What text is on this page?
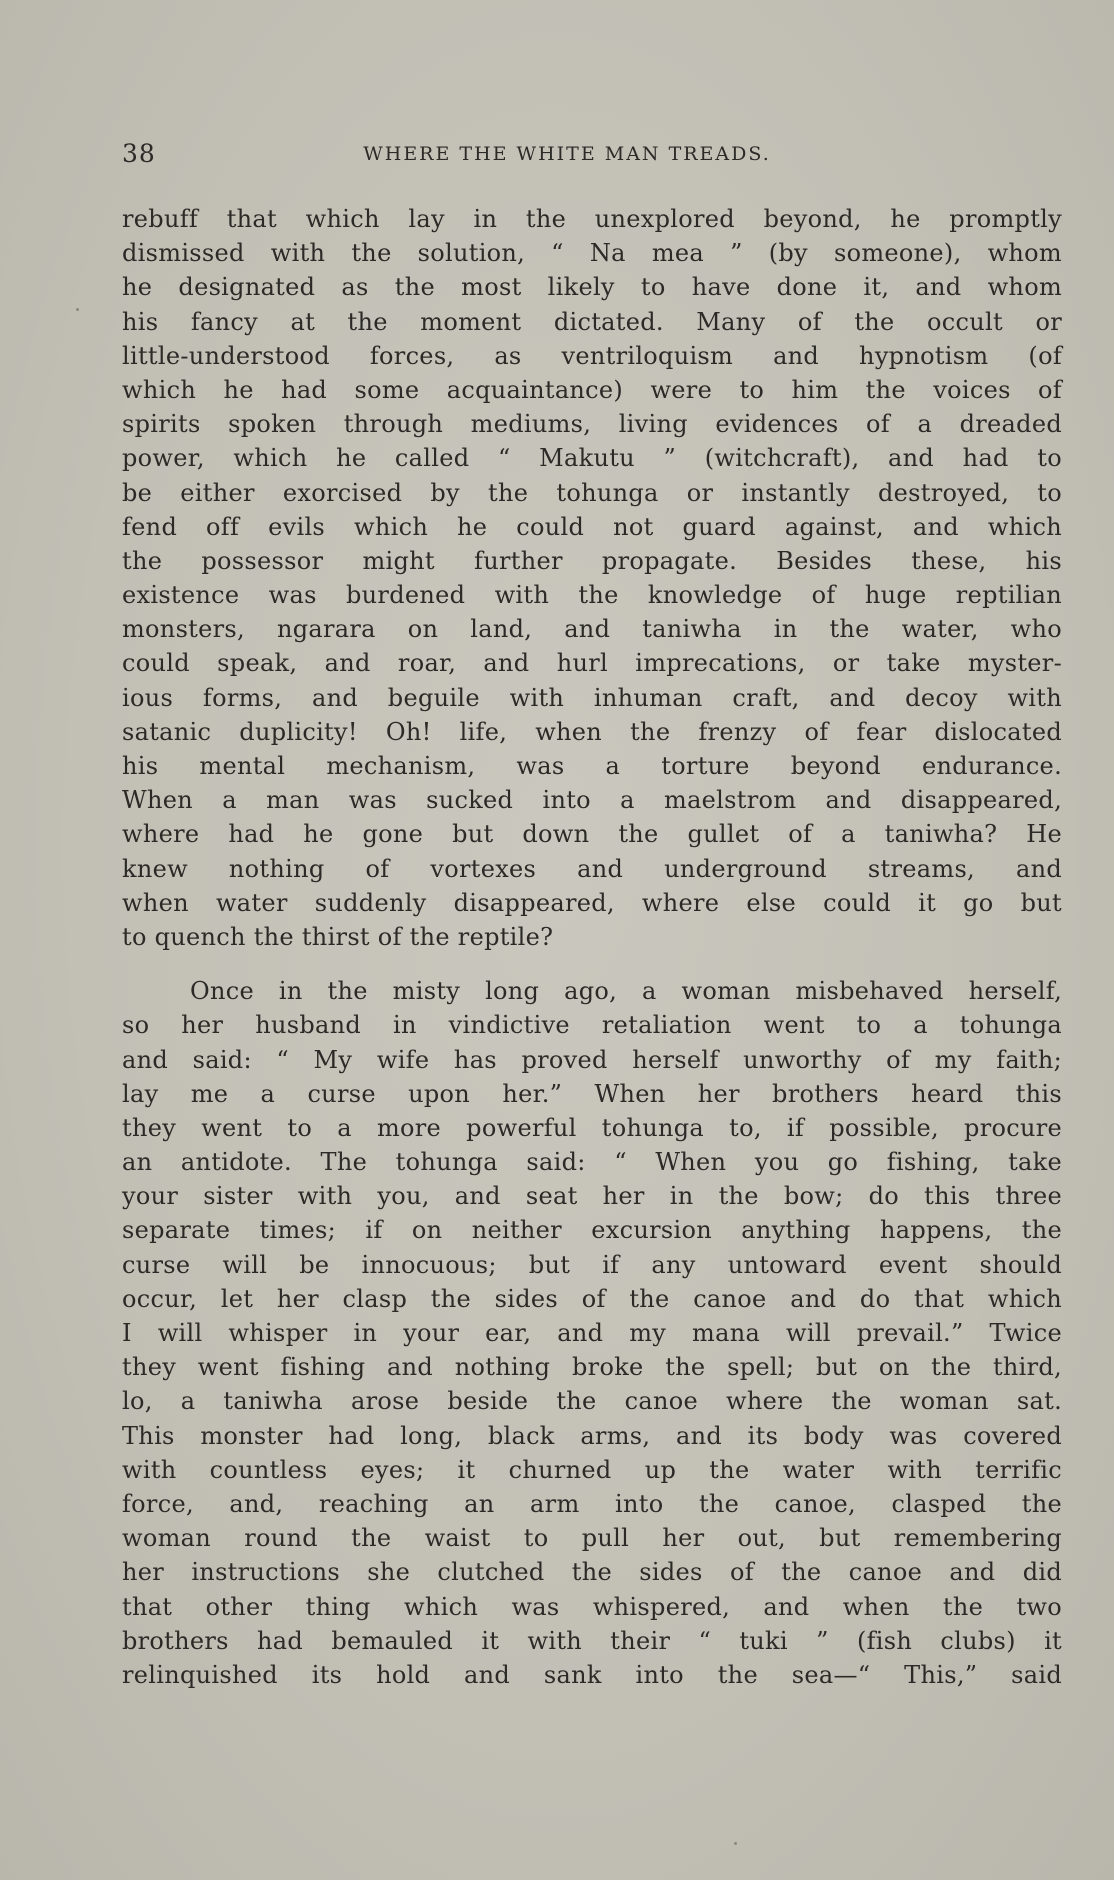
38	WHERE THE WHITE MAN TREADS.
rebuff that which lay in the unexplored beyond, he promptly
dismissed with the solution, “ Na mea ” (by someone), whom
he designated as the most likely to have done it, and whom
his fancy at the moment dictated. Many of the occult or
little-understood forces, as ventriloquism and hypnotism (of
which he had some acquaintance) were to him the voices of
spirits spoken through mediums, living evidences of a dreaded
power, which he called “ Makutu ” (witchcraft), and had to
be either exorcised by the tohunga or instantly destroyed, to
fend off evils which he could not guard against, and which
the possessor might further propagate. Besides these, his
existence was burdened with the knowledge of huge reptilian
monsters, ngarara on land, and taniwha in the water, who
could speak, and roar, and hurl imprecations, or take myster-
ious forms, and beguile with inhuman craft, and decoy with
satanic duplicity! Oh! life, when the frenzy of fear dislocated
his mental mechanism, was a torture beyond endurance.
When a man was sucked into a maelstrom and disappeared,
where had he gone but down the gullet of a taniwha? He
knew nothing of vortexes and underground streams, and
when water suddenly disappeared, where else could it go but
to quench the thirst of the reptile?
Once in the misty long ago, a woman misbehaved herself,
so her husband in vindictive retaliation went to a tohunga
and said: “ My wife has proved herself unworthy of my faith;
lay me a curse upon her.” When her brothers heard this
they went to a more powerful tohunga to, if possible, procure
an antidote. The tohunga said: “ When you go fishing, take
your sister with you, and seat her in the bow; do this three
separate times; if on neither excursion anything happens, the
curse will be innocuous; but if any untoward event should
occur, let her clasp the sides of the canoe and do that which
I will whisper in your ear, and my mana will prevail.” Twice
they went fishing and nothing broke the spell; but on the third,
lo, a taniwha arose beside the canoe where the woman sat.
This monster had long, black arms, and its body was covered
with countless eyes; it churned up the water with terrific
force, and, reaching an arm into the canoe, clasped the
woman round the waist to pull her out, but remembering
her instructions she clutched the sides of the canoe and did
that other thing which was whispered, and when the two
brothers had bemauled it with their “ tuki ” (fish clubs) it
relinquished its hold and sank into the sea—“ This,” said
